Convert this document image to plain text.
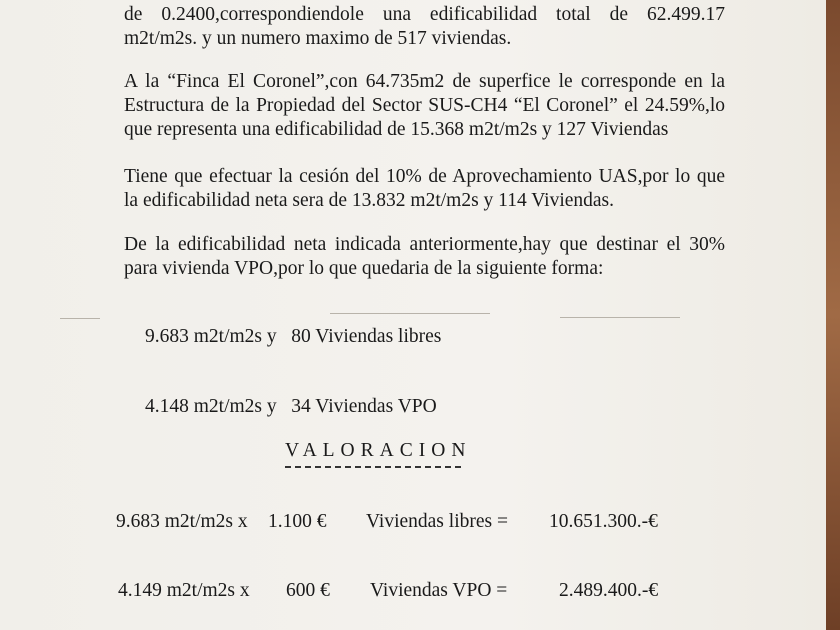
de 0.2400,correspondiendole una edificabilidad total de 62.499.17

m2t/m2s. y un numero maximo de 517 viviendas.

A la “Finca El Coronel”,con 64.735m2 de superfice le corresponde en la

Estructura de la Propiedad del Sector SUS-CH4 “El Coronel” el 24.59%,lo

que representa una edificabilidad de 15.368 m2t/m2s y 127 Viviendas

Tiene que efectuar la cesión del 10% de Aprovechamiento UAS,por lo que

la edificabilidad neta sera de 13.832 m2t/m2s y 114 Viviendas.

De la edificabilidad neta indicada anteriormente,hay que destinar el 30%

para vivienda VPO,por lo que quedaria de la siguiente forma:

9.683 m2t/m2s y   80 Viviendas libres

4.148 m2t/m2s y   34 Viviendas VPO

VALORACION

9.683 m2t/m2s x 1.100 € Viviendas libres = 10.651.300.-€
4.149 m2t/m2s x 600 € Viviendas VPO =	2.489.400.-€
